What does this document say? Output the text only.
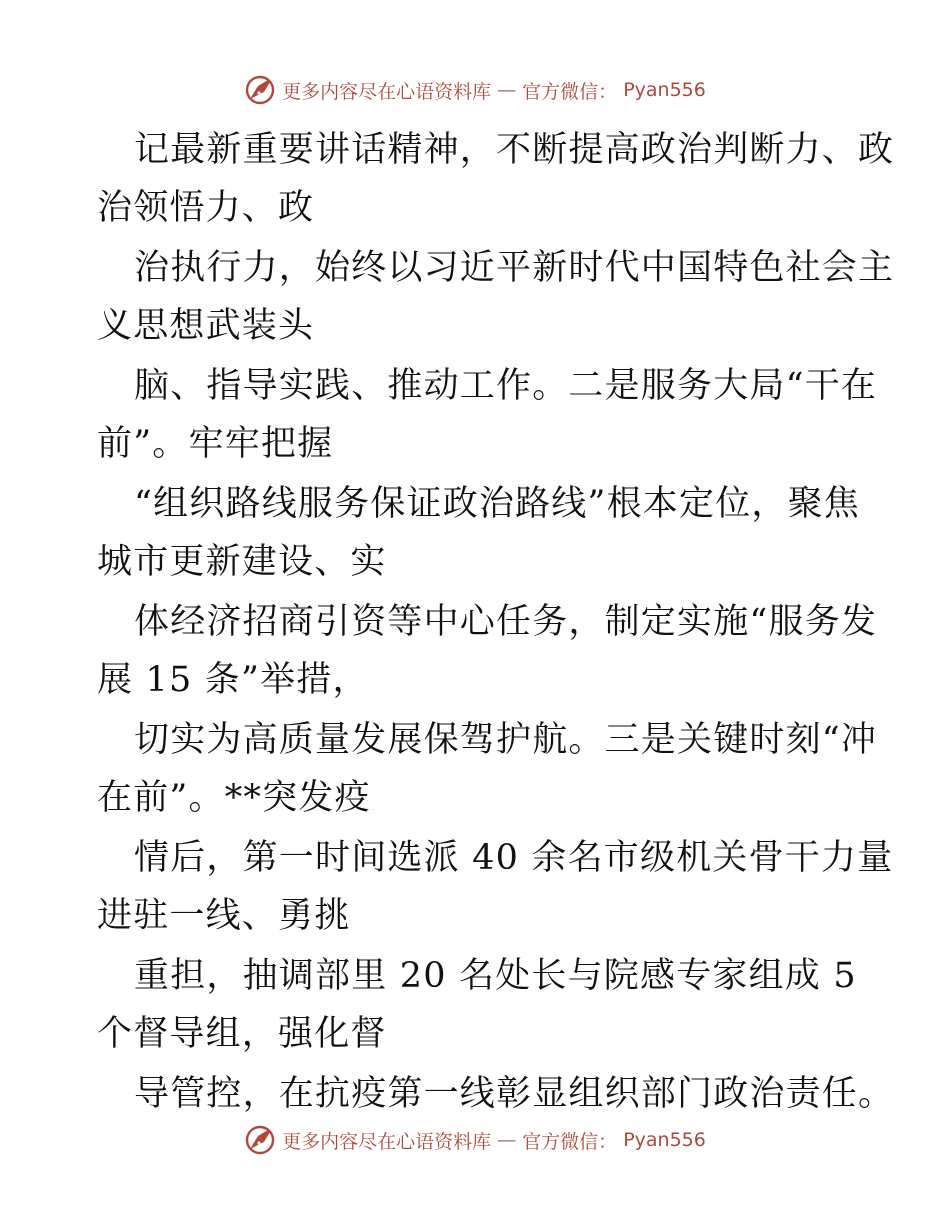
更多内容尽在心语资料库 — 官方微信： Pyan556
记最新重要讲话精神，不断提高政治判断力、政
治领悟力、政
治执行力，始终以习近平新时代中国特色社会主
义思想武装头
脑、指导实践、推动工作。二是服务大局“干在
前”。牢牢把握
“组织路线服务保证政治路线”根本定位，聚焦
城市更新建设、实
体经济招商引资等中心任务，制定实施“服务发
展 15 条”举措，
切实为高质量发展保驾护航。三是关键时刻“冲
在前”。**突发疫
情后，第一时间选派 40 余名市级机关骨干力量
进驻一线、勇挑
重担，抽调部里 20 名处长与院感专家组成 5
个督导组，强化督
导管控，在抗疫第一线彰显组织部门政治责任。
更多内容尽在心语资料库 — 官方微信： Pyan556
